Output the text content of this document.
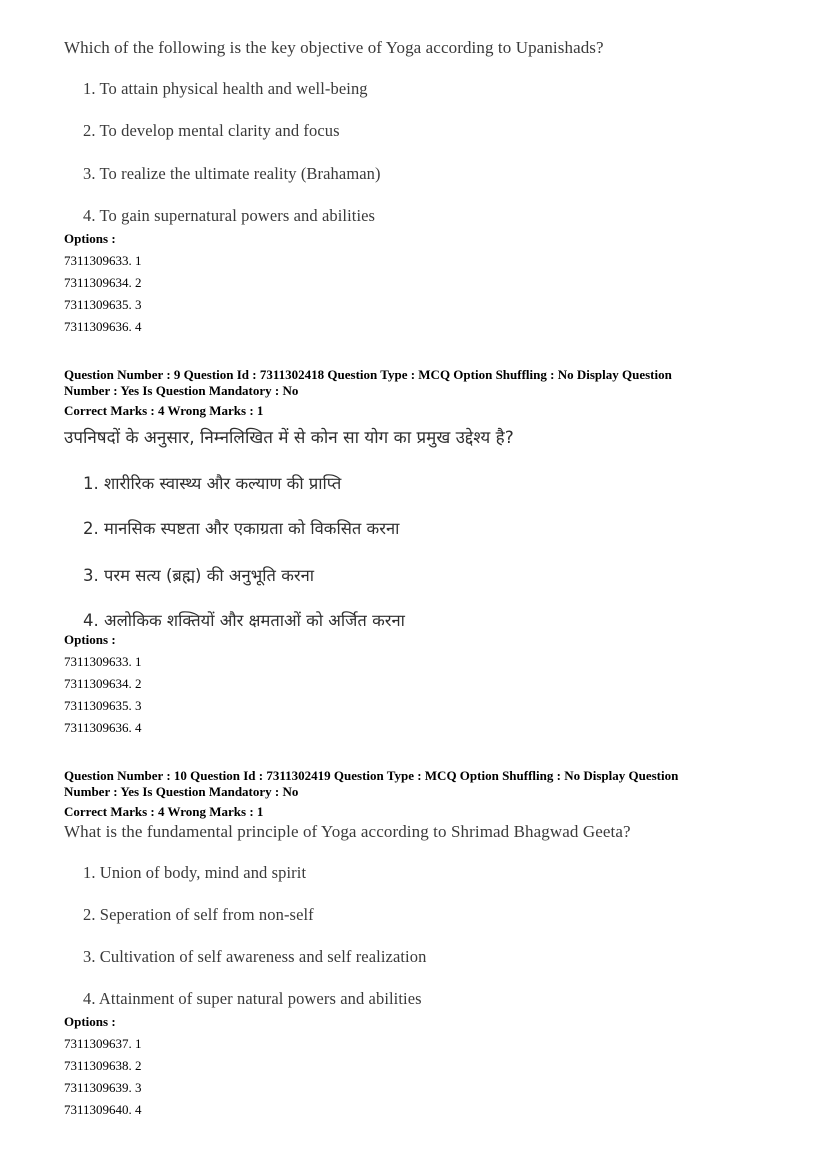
Which of the following is the key objective of Yoga according to Upanishads?
1. To attain physical health and well-being
2. To develop mental clarity and focus
3. To realize the ultimate reality (Brahaman)
4. To gain supernatural powers and abilities
Options :
7311309633. 1
7311309634. 2
7311309635. 3
7311309636. 4
Question Number : 9 Question Id : 7311302418 Question Type : MCQ Option Shuffling : No Display Question
Number : Yes Is Question Mandatory : No
Correct Marks : 4 Wrong Marks : 1
उपनिषदों के अनुसार, निम्नलिखित में से कोन सा योग का प्रमुख उद्देश्य है?
1. शारीरिक स्वास्थ्य और कल्याण की प्राप्ति
2. मानसिक स्पष्टता और एकाग्रता को विकसित करना
3. परम सत्य (ब्रह्म) की अनुभूति करना
4. अलोकिक शक्तियों और क्षमताओं को अर्जित करना
Options :
7311309633. 1
7311309634. 2
7311309635. 3
7311309636. 4
Question Number : 10 Question Id : 7311302419 Question Type : MCQ Option Shuffling : No Display Question
Number : Yes Is Question Mandatory : No
Correct Marks : 4 Wrong Marks : 1
What is the fundamental principle of Yoga according to Shrimad Bhagwad Geeta?
1. Union of body, mind and spirit
2. Seperation of self from non-self
3. Cultivation of self awareness and self realization
4. Attainment of super natural powers and abilities
Options :
7311309637. 1
7311309638. 2
7311309639. 3
7311309640. 4
